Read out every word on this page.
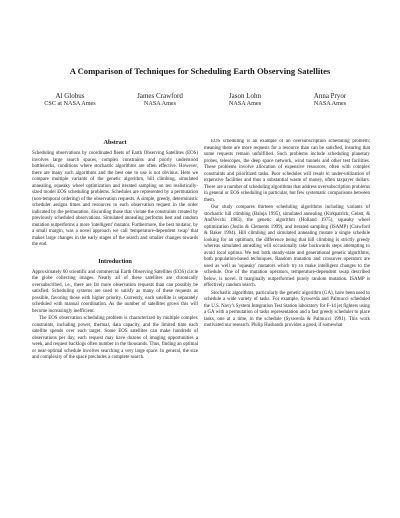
A Comparison of Techniques for Scheduling Earth Observing Satellites
Al Globus
CSC at NASA Ames
James Crawford
NASA Ames
Jason Lohn
NASA Ames
Anna Pryor
NASA Ames
Abstract

Scheduling observations by coordinated fleets of Earth Observing Satellites (EOS) involves large search spaces, complex constraints and poorly understood bottlenecks, conditions where stochastic algorithms are often effective. However, there are many such algorithms and the best one to use is not obvious. Here we compare multiple variants of the genetic algorithm, hill climbing, simulated annealing, squeaky wheel optimization and iterated sampling on ten realistically-sized model EOS scheduling problems. Schedules are represented by a permutation (non-temporal ordering) of the observation requests. A simple, greedy, deterministic scheduler assigns times and resources to each observation request in the order indicated by the permutation, discarding those that violate the constraints created by previously scheduled observations. Simulated annealing performs best and random mutation outperforms a more 'intelligent' mutator. Furthermore, the best mutator, by a small margin, was a novel approach we call 'temperature-dependent swap' that makes large changes in the early stages of the search and smaller changes towards the end.

Introduction

Approximately 60 scientific and commercial Earth Observing Satellites (EOS) circle the globe collecting images. Nearly all of these satellites are chronically oversubscribed, i.e., there are far more observation requests than can possibly be satisfied. Scheduling systems are used to satisfy as many of these requests as possible, favoring those with higher priority. Currently, each satellite is separately scheduled with manual coordination. As the number of satellites grows this will become increasingly inefficient.

The EOS observation scheduling problem is characterized by multiple complex constraints, including power, thermal, data capacity, and the limited time each satellite spends over each target. Some EOS satellites can make hundreds of observations per day, each request may have dozens of imaging opportunities a week, and request backlogs often number in the thousands. Thus, finding an optimal or near-optimal schedule involves searching a very large space. In general, the size and complexity of the space precludes a complete search.

EOS scheduling is an example of an oversubscription scheduling problem; meaning there are more requests for a resource than can be satisfied, insuring that some requests remain unfulfilled. Such problems include scheduling planetary probes, telescopes, the deep space network, wind tunnels and other test facilities. These problems involve allocation of expensive resources, often with complex constraints and prioritized tasks. Poor schedules will result in under-utilization of expensive facilities and thus a substantial waste of money, often taxpayer dollars. There are a number of scheduling algorithms that address oversubscription problems in general or EOS scheduling in particular, but few systematic comparisons between them.

Our study compares thirteen scheduling algorithms including variants of stochastic hill climbing (Baluja 1995), simulated annealing (Kirkpatrick, Gelatt, & AndVecchi 1983), the genetic algorithm (Holland 1975), squeaky wheel optimization (Joslin & Clements 1999), and iterated sampling (ISAMP) (Crawford & Baker 1994). Hill climbing and simulated annealing mutate a single schedule looking for an optimum, the difference being that hill climbing is strictly greedy whereas simulated annealing will occasionally take backwards steps attempting to avoid local optima. We test both steady-state and generational genetic algorithms, both population-based techniques. Random mutation and crossover operators are used as well as 'squeaky' mutators which try to make intelligent changes to the schedule. One of the mutation operators, temperature-dependent swap described below, is novel. It marginally outperformed purely random mutation. ISAMP is effectively random search.

Stochastic algorithms, particularly the genetic algorithm (GA), have been used to schedule a wide variety of tasks. For example, Syswerda and Palmucci scheduled the U.S. Navy's System Integration Test Station laboratory for F-14 jet fighters using a GA with a permutation of tasks representation and a fast greedy scheduler to place tasks, one at a time, in the schedule (Syswerda & Palmucci 1991). This work motivated our research. Philip Husbands provides a good, if somewhat
